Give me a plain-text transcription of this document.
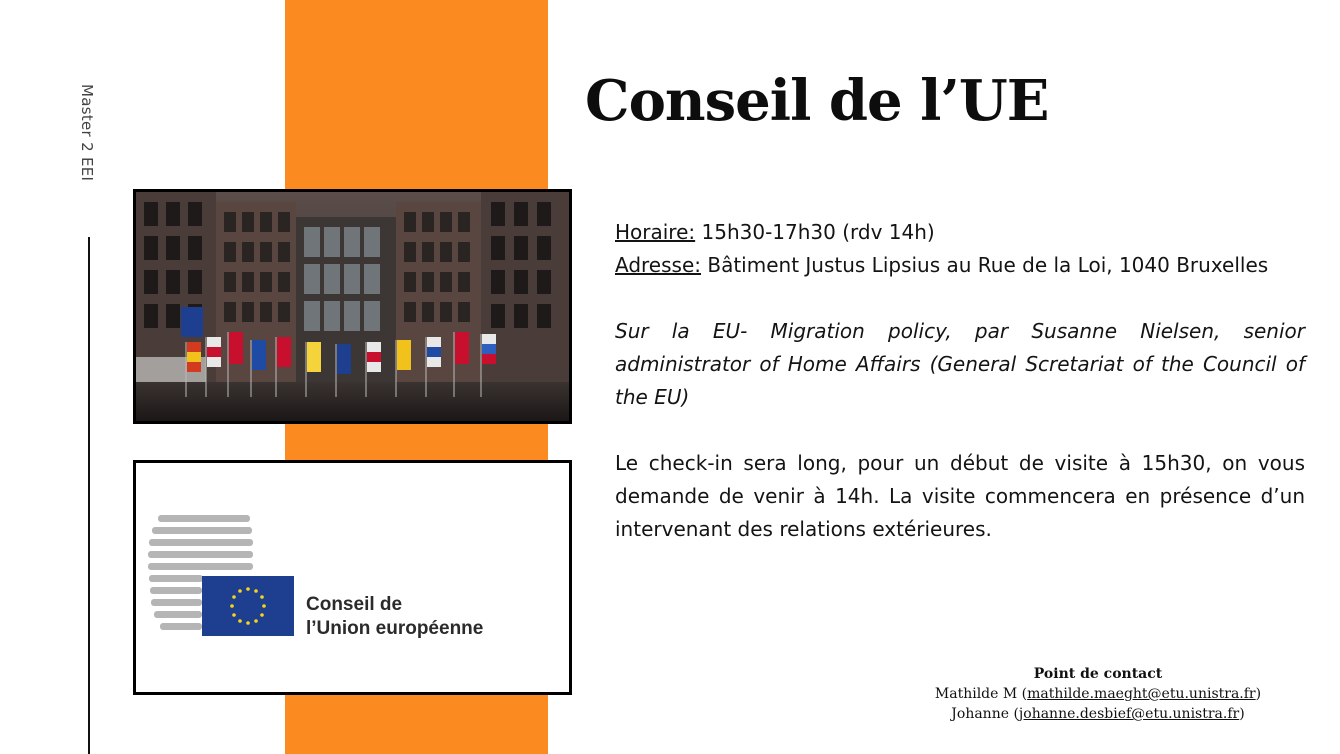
Master 2 EEI
Conseil de
l’Union européenne
Conseil de l’UE

Horaire: 15h30-17h30 (rdv 14h)

Adresse: Bâtiment Justus Lipsius au Rue de la Loi, 1040 Bruxelles

Sur la EU- Migration policy, par Susanne Nielsen, senior administrator of Home Affairs (General Scretariat of the Council of the EU)

Le check-in sera long, pour un début de visite à 15h30, on vous demande de venir à 14h. La visite commencera en présence d’un intervenant des relations extérieures.

Point de contact
Mathilde M (mathilde.maeght@etu.unistra.fr)
Johanne (johanne.desbief@etu.unistra.fr)
